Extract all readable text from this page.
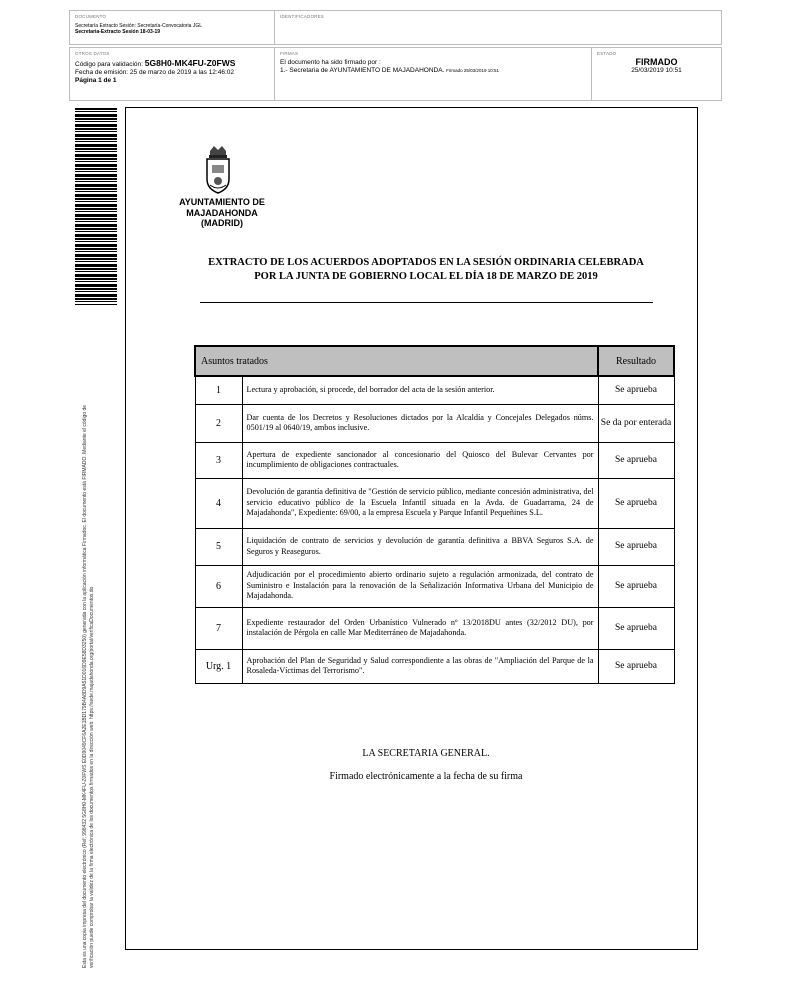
DOCUMENTO
Secretaría Extracto Sesión: Secretaría-Convocatoria JGL
Secretaria-Extracto Sesión 18-03-19
IDENTIFICADORES
OTROS DATOS
Código para validación: 5G8H0-MK4FU-Z0FWS
Fecha de emisión: 25 de marzo de 2019 a las 12:46:02
Página 1 de 1
FIRMAS
El documento ha sido firmado por :
1.- Secretaria de AYUNTAMIENTO DE MAJADAHONDA. Firmado 25/03/2019 10:51
ESTADO
FIRMADO
25/03/2019 10:51
Esta es una copia impresa del documento electrónico (Ref: 998432 5G8H0-MK4FU-Z0FWS E0D9049CF6A2E1BD179B4A8D9A51D016D9E58D3250) generada con la aplicación informática Firmadoc. El documento está FIRMADO. Mediante el código de verificación puede comprobar la validez de la firma electrónica de los documentos firmados en la dirección web: https://sede.majadahonda.org/portal/verificaDocumentos.do
AYUNTAMIENTO DE
MAJADAHONDA
(MADRID)
EXTRACTO DE LOS ACUERDOS ADOPTADOS EN LA SESIÓN ORDINARIA CELEBRADA
POR LA JUNTA DE GOBIERNO LOCAL EL DÍA 18 DE MARZO DE 2019
Asuntos tratados		Resultado
1	Lectura y aprobación, si procede, del borrador del acta de la sesión anterior.	Se aprueba
2	Dar cuenta de los Decretos y Resoluciones dictados por la Alcaldía y Concejales Delegados núms. 0501/19 al 0640/19, ambos inclusive.	Se da por enterada
3	Apertura de expediente sancionador al concesionario del Quiosco del Bulevar Cervantes por incumplimiento de obligaciones contractuales.	Se aprueba
4	Devolución de garantía definitiva de "Gestión de servicio público, mediante concesión administrativa, del servicio educativo público de la Escuela Infantil situada en la Avda. de Guadarrama, 24 de Majadahonda", Expediente: 69/00, a la empresa Escuela y Parque Infantil Pequeñines S.L.	Se aprueba
5	Liquidación de contrato de servicios y devolución de garantía definitiva a BBVA Seguros S.A. de Seguros y Reaseguros.	Se aprueba
6	Adjudicación por el procedimiento abierto ordinario sujeto a regulación armonizada, del contrato de Suministro e Instalación para la renovación de la Señalización Informativa Urbana del Municipio de Majadahonda.	Se aprueba
7	Expediente restaurador del Orden Urbanístico Vulnerado nº 13/2018DU antes (32/2012 DU), por instalación de Pérgola en calle Mar Mediterráneo de Majadahonda.	Se aprueba
Urg. 1	Aprobación del Plan de Seguridad y Salud correspondiente a las obras de "Ampliación del Parque de la Rosaleda-Víctimas del Terrorismo".	Se aprueba
LA SECRETARIA GENERAL.
Firmado electrónicamente a la fecha de su firma
